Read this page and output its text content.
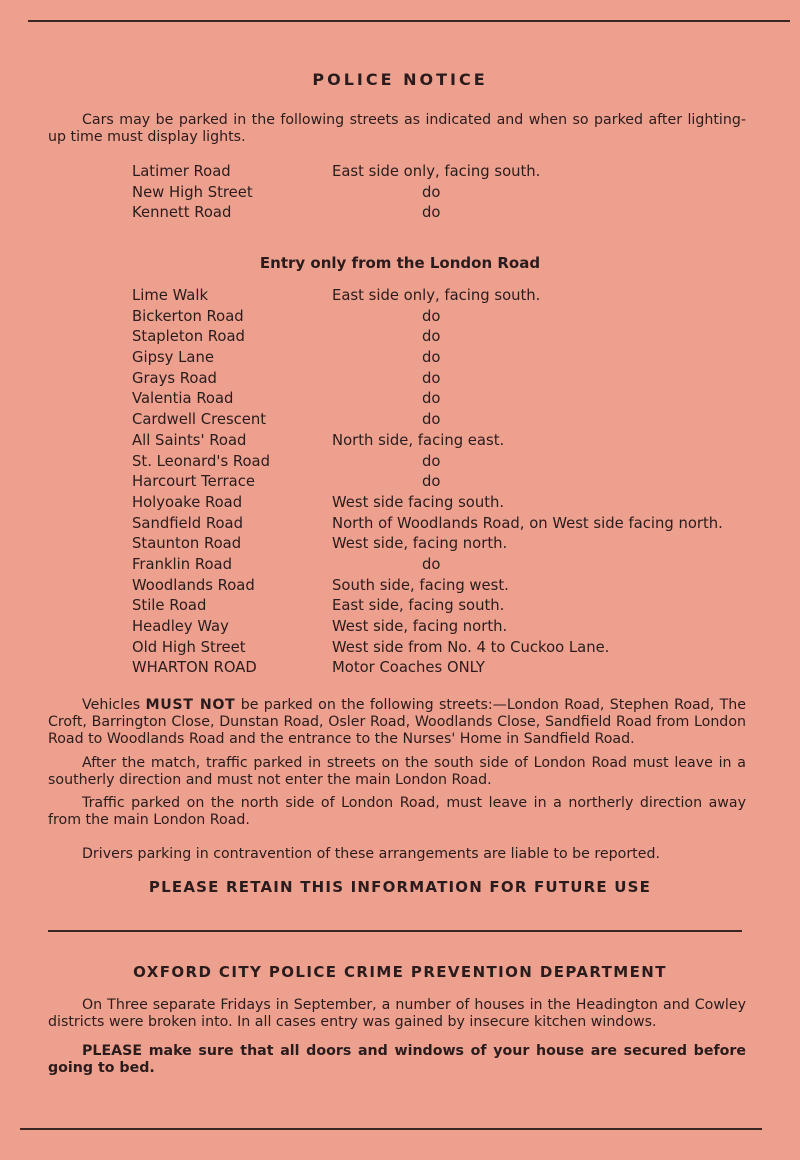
POLICE NOTICE
Cars may be parked in the following streets as indicated and when so parked after lighting-up time must display lights.
Latimer Road	East side only, facing south.
New High Street	do
Kennett Road	do
Entry only from the London Road
Lime Walk	East side only, facing south.
Bickerton Road	do
Stapleton Road	do
Gipsy Lane	do
Grays Road	do
Valentia Road	do
Cardwell Crescent	do
All Saints' Road	North side, facing east.
St. Leonard's Road	do
Harcourt Terrace	do
Holyoake Road	West side facing south.
Sandfield Road	North of Woodlands Road, on West side facing north.
Staunton Road	West side, facing north.
Franklin Road	do
Woodlands Road	South side, facing west.
Stile Road	East side, facing south.
Headley Way	West side, facing north.
Old High Street	West side from No. 4 to Cuckoo Lane.
WHARTON ROAD	Motor Coaches ONLY
Vehicles MUST NOT be parked on the following streets:—London Road, Stephen Road, The Croft, Barrington Close, Dunstan Road, Osler Road, Woodlands Close, Sandfield Road from London Road to Woodlands Road and the entrance to the Nurses' Home in Sandfield Road.
After the match, traffic parked in streets on the south side of London Road must leave in a southerly direction and must not enter the main London Road.
Traffic parked on the north side of London Road, must leave in a northerly direction away from the main London Road.
Drivers parking in contravention of these arrangements are liable to be reported.
PLEASE RETAIN THIS INFORMATION FOR FUTURE USE
OXFORD CITY POLICE CRIME PREVENTION DEPARTMENT
On Three separate Fridays in September, a number of houses in the Headington and Cowley districts were broken into. In all cases entry was gained by insecure kitchen windows.
PLEASE make sure that all doors and windows of your house are secured before going to bed.
